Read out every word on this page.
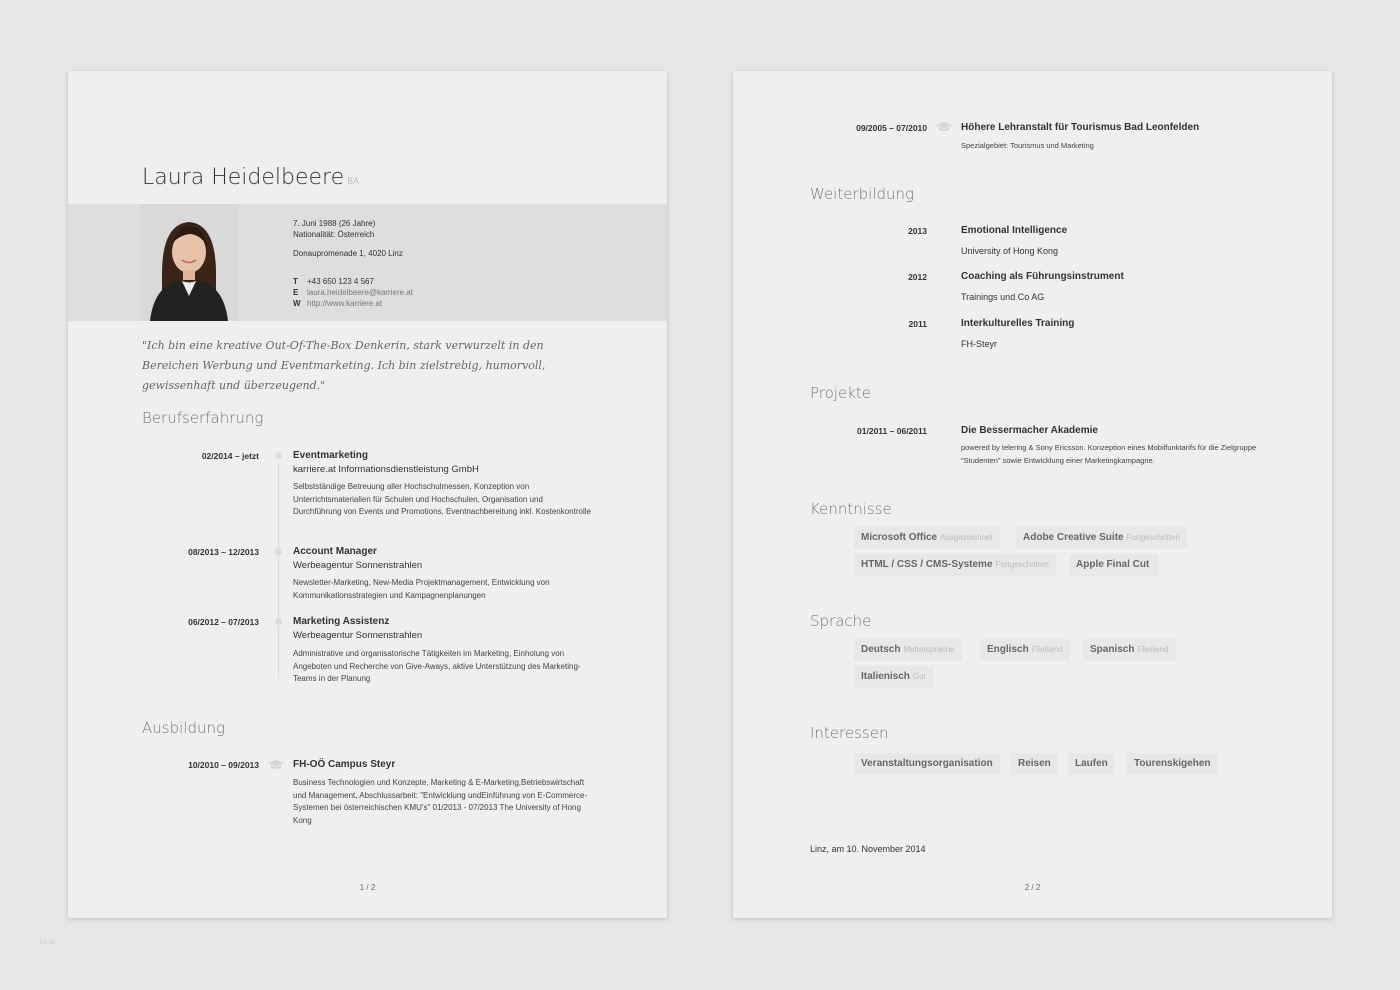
Laura Heidelbeere BA
7. Juni 1988 (26 Jahre)
Nationalität: Österreich
Donaupromenade 1, 4020 Linz
T +43 650 123 4 567
E laura.heidelbeere@karriere.at
W http://www.karriere.at
"Ich bin eine kreative Out-Of-The-Box Denkerin, stark verwurzelt in den Bereichen Werbung und Eventmarketing. Ich bin zielstrebig, humorvoll, gewissenhaft und überzeugend."
Berufserfahrung
02/2014 – jetzt	Eventmarketing
karriere.at Informationsdienstleistung GmbH
Selbstständige Betreuung aller Hochschulmessen, Konzeption von Unterrichtsmaterialien für Schulen und Hochschulen, Organisation und Durchführung von Events und Promotions, Eventnachbereitung inkl. Kostenkontrolle
08/2013 – 12/2013	Account Manager
Werbeagentur Sonnenstrahlen
Newsletter-Marketing, New-Media Projektmanagement, Entwicklung von Kommunikationsstrategien und Kampagnenplanungen
06/2012 – 07/2013	Marketing Assistenz
Werbeagentur Sonnenstrahlen
Administrative und organisatorische Tätigkeiten im Marketing, Einholung von Angeboten und Recherche von Give-Aways, aktive Unterstützung des Marketing-Teams in der Planung
Ausbildung
10/2010 – 09/2013	FH-OÖ Campus Steyr
Business Technologien und Konzepte, Marketing & E-Marketing,Betriebswirtschaft und Management, Abschlussarbeit: "Entwicklung undEinführung von E-Commerce-Systemen bei österreichischen KMU's" 01/2013 - 07/2013 The University of Hong Kong
1 / 2
09/2005 – 07/2010	Höhere Lehranstalt für Tourismus Bad Leonfelden
Spezialgebiet: Tourismus und Marketing
Weiterbildung
2013	Emotional Intelligence
University of Hong Kong
2012	Coaching als Führungsinstrument
Trainings und Co AG
2011	Interkulturelles Training
FH-Steyr
Projekte
01/2011 – 06/2011	Die Bessermacher Akademie
powered by telering & Sony Ericsson. Konzeption eines Mobilfunktarifs für die Zielgruppe "Studenten" sowie Entwicklung einer Marketingkampagne.
Kenntnisse
Microsoft Office Ausgezeichnet	Adobe Creative Suite Fortgeschritten
HTML / CSS / CMS-Systeme Fortgeschritten	Apple Final Cut
Sprache
Deutsch Muttersprache	Englisch Fließend	Spanisch Fließend
Italienisch Gut
Interessen
Veranstaltungsorganisation	Reisen	Laufen	Tourenskigehen
Linz, am 10. November 2014
2 / 2
kz.at
